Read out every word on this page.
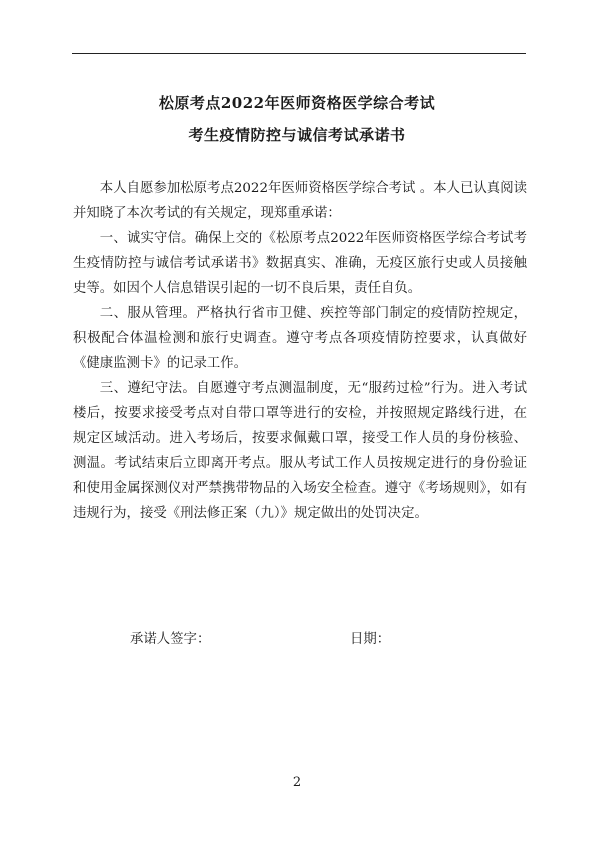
松原考点2022年医师资格医学综合考试
考生疫情防控与诚信考试承诺书

本人自愿参加松原考点2022年医师资格医学综合考试 。本人已认真阅读并知晓了本次考试的有关规定，现郑重承诺：

一、诚实守信。确保上交的《松原考点2022年医师资格医学综合考试考生疫情防控与诚信考试承诺书》数据真实、准确，无疫区旅行史或人员接触史等。如因个人信息错误引起的一切不良后果，责任自负。

二、服从管理。严格执行省市卫健、疾控等部门制定的疫情防控规定，积极配合体温检测和旅行史调查。遵守考点各项疫情防控要求，认真做好《健康监测卡》的记录工作。

三、遵纪守法。自愿遵守考点测温制度，无“服药过检”行为。进入考试楼后，按要求接受考点对自带口罩等进行的安检，并按照规定路线行进，在规定区域活动。进入考场后，按要求佩戴口罩，接受工作人员的身份核验、测温。考试结束后立即离开考点。服从考试工作人员按规定进行的身份验证和使用金属探测仪对严禁携带物品的入场安全检查。遵守《考场规则》，如有违规行为，接受《刑法修正案（九）》规定做出的处罚决定。

承诺人签字：	日期：
2
